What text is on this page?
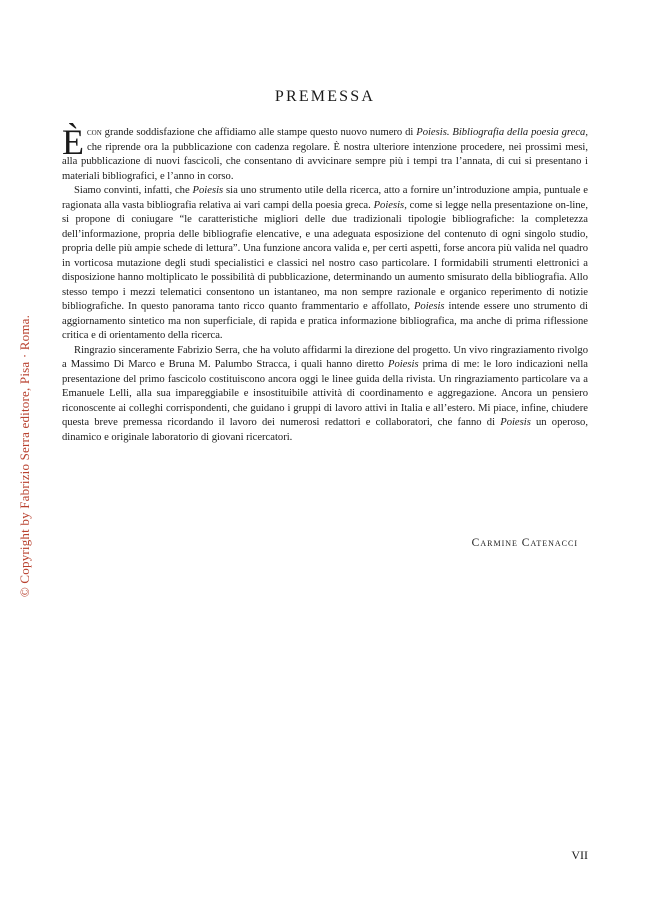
© Copyright by Fabrizio Serra editore, Pisa · Roma.
PREMESSA

Ècon grande soddisfazione che affidiamo alle stampe questo nuovo numero di Poiesis. Bibliografia della poesia greca, che riprende ora la pubblicazione con cadenza regolare. È nostra ulteriore intenzione procedere, nei prossimi mesi, alla pubblicazione di nuovi fascicoli, che consentano di avvicinare sempre più i tempi tra l’annata, di cui si presentano i materiali bibliografici, e l’anno in corso.

Siamo convinti, infatti, che Poiesis sia uno strumento utile della ricerca, atto a fornire un’introduzione ampia, puntuale e ragionata alla vasta bibliografia relativa ai vari campi della poesia greca. Poiesis, come si legge nella presentazione on-line, si propone di coniugare “le caratteristiche migliori delle due tradizionali tipologie bibliografiche: la completezza dell’informazione, propria delle bibliografie elencative, e una adeguata esposizione del contenuto di ogni singolo studio, propria delle più ampie schede di lettura”. Una funzione ancora valida e, per certi aspetti, forse ancora più valida nel quadro in vorticosa mutazione degli studi specialistici e classici nel nostro caso particolare. I formidabili strumenti elettronici a disposizione hanno moltiplicato le possibilità di pubblicazione, determinando un aumento smisurato della bibliografia. Allo stesso tempo i mezzi telematici consentono un istantaneo, ma non sempre razionale e organico reperimento di notizie bibliografiche. In questo panorama tanto ricco quanto frammentario e affollato, Poiesis intende essere uno strumento di aggiornamento sintetico ma non superficiale, di rapida e pratica informazione bibliografica, ma anche di prima riflessione critica e di orientamento della ricerca.

Ringrazio sinceramente Fabrizio Serra, che ha voluto affidarmi la direzione del progetto. Un vivo ringraziamento rivolgo a Massimo Di Marco e Bruna M. Palumbo Stracca, i quali hanno diretto Poiesis prima di me: le loro indicazioni nella presentazione del primo fascicolo costituiscono ancora oggi le linee guida della rivista. Un ringraziamento particolare va a Emanuele Lelli, alla sua impareggiabile e insostituibile attività di coordinamento e aggregazione. Ancora un pensiero riconoscente ai colleghi corrispondenti, che guidano i gruppi di lavoro attivi in Italia e all’estero. Mi piace, infine, chiudere questa breve premessa ricordando il lavoro dei numerosi redattori e collaboratori, che fanno di Poiesis un operoso, dinamico e originale laboratorio di giovani ricercatori.

Carmine Catenacci
VII
